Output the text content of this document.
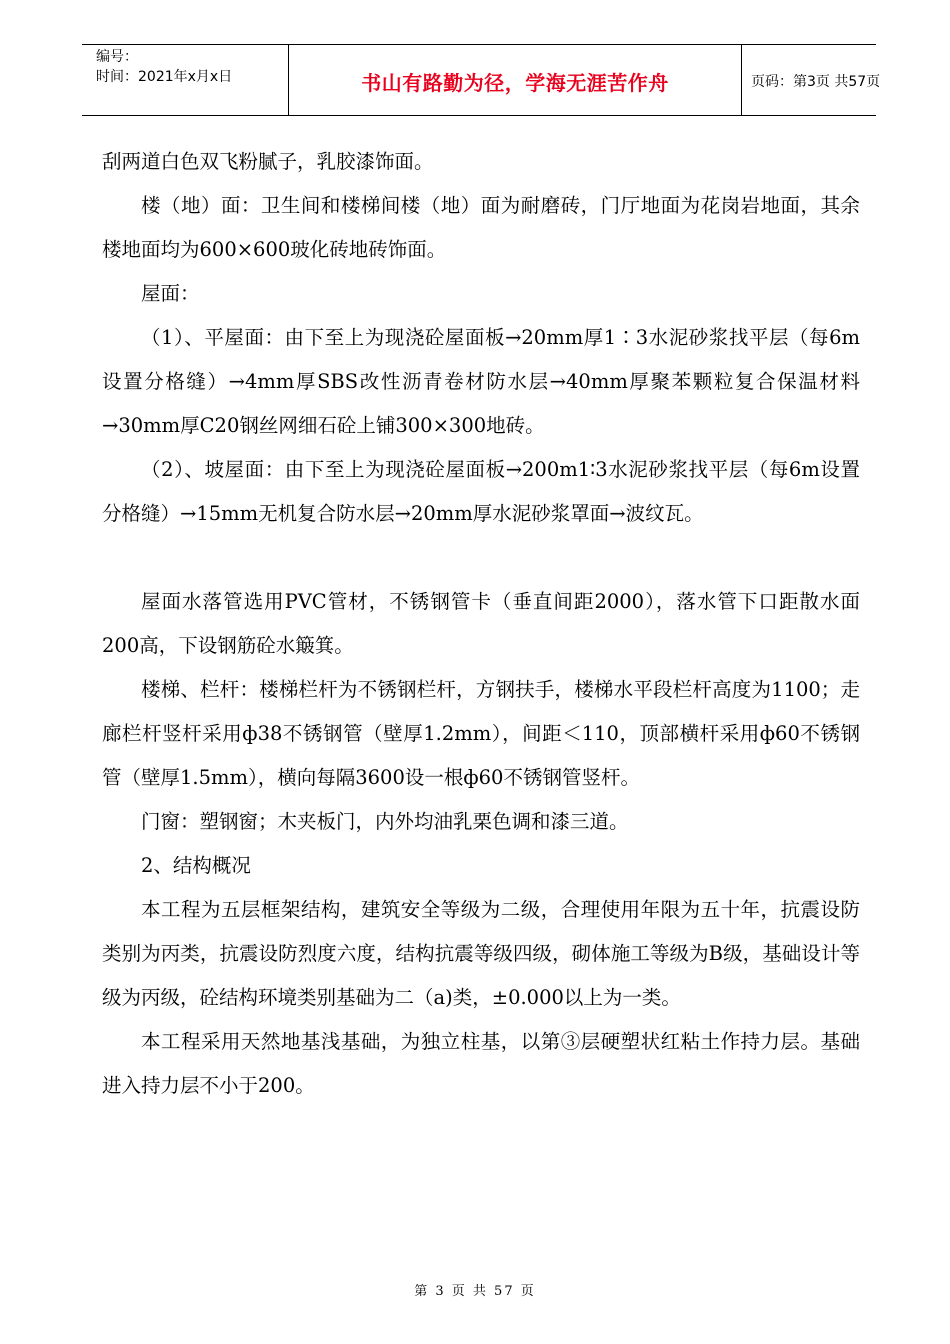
编号：
时间：2021年x月x日	书山有路勤为径，学海无涯苦作舟	页码：第3页 共57页

刮两道白色双飞粉腻子，乳胶漆饰面。

楼（地）面：卫生间和楼梯间楼（地）面为耐磨砖，门厅地面为花岗岩地面，其余楼地面均为600×600玻化砖地砖饰面。

屋面：

（1）、平屋面：由下至上为现浇砼屋面板→20mm厚1∶3水泥砂浆找平层（每6m设置分格缝）→4mm厚SBS改性沥青卷材防水层→40mm厚聚苯颗粒复合保温材料→30mm厚C20钢丝网细石砼上铺300×300地砖。

（2）、坡屋面：由下至上为现浇砼屋面板→200m1∶3水泥砂浆找平层（每6m设置分格缝）→15mm无机复合防水层→20mm厚水泥砂浆罩面→波纹瓦。

屋面水落管选用PVC管材，不锈钢管卡（垂直间距2000），落水管下口距散水面200高，下设钢筋砼水簸箕。

楼梯、栏杆：楼梯栏杆为不锈钢栏杆，方钢扶手，楼梯水平段栏杆高度为1100；走廊栏杆竖杆采用ф38不锈钢管（壁厚1.2mm），间距＜110，顶部横杆采用ф60不锈钢管（壁厚1.5mm），横向每隔3600设一根ф60不锈钢管竖杆。

门窗：塑钢窗；木夹板门，内外均油乳栗色调和漆三道。

2、结构概况

本工程为五层框架结构，建筑安全等级为二级，合理使用年限为五十年，抗震设防类别为丙类，抗震设防烈度六度，结构抗震等级四级，砌体施工等级为B级，基础设计等级为丙级，砼结构环境类别基础为二（a)类，±0.000以上为一类。

本工程采用天然地基浅基础，为独立柱基，以第③层硬塑状红粘土作持力层。基础进入持力层不小于200。

第 3 页 共 57 页
